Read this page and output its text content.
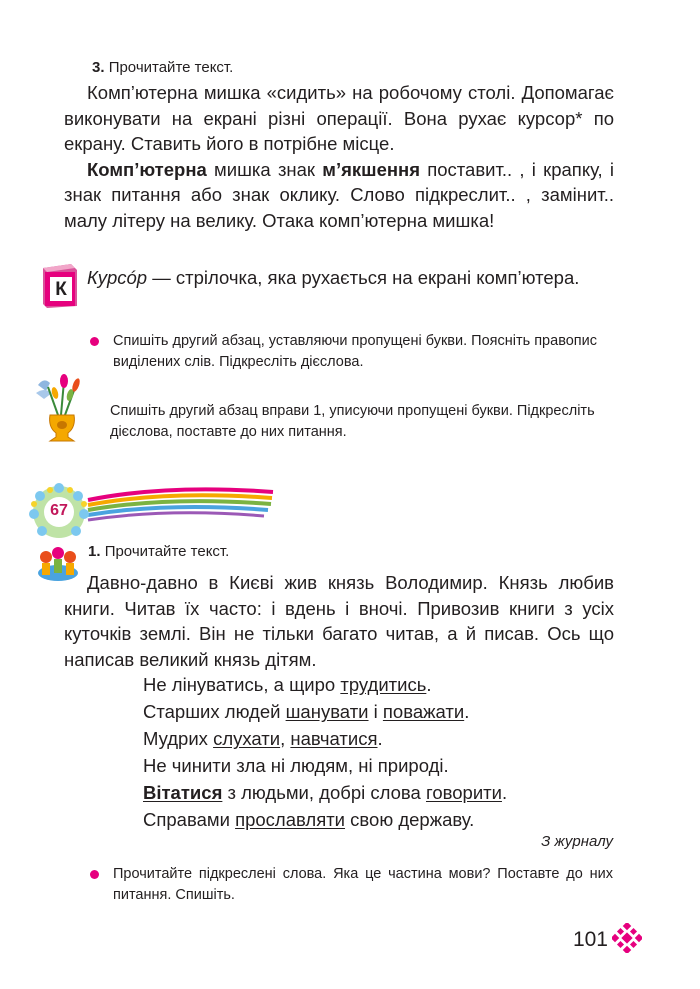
3. Прочитайте текст.

Комп’ютерна мишка «сидить» на робочому столі. Допомагає виконувати на екрані різні операції. Вона рухає курсор* по екрану. Ставить його в потрібне місце.

Комп’ютерна мишка знак м’якшення поставит.. , і крапку, і знак питання або знак оклику. Слово підкреслит.. , замінит.. малу літеру на велику. Отака комп’ютерна мишка!

К
Курсóр — стрілочка, яка рухається на екрані комп’ютера.
Спишіть другий абзац, уставляючи пропущені букви. Поясніть правопис виділених слів. Підкресліть дієслова.
Спишіть другий абзац вправи 1, уписуючи пропущені букви. Підкресліть дієслова, поставте до них питання.
67
1. Прочитайте текст.

Давно-давно в Києві жив князь Володимир. Князь любив книги. Читав їх часто: і вдень і вночі. Привозив книги з усіх куточків землі. Він не тільки багато читав, а й писав. Ось що написав великий князь дітям.

Не лінуватись, а щиро трудитись.
Старших людей шанувати і поважати.
Мудрих слухати, навчатися.
Не чинити зла ні людям, ні природі.
Вітатися з людьми, добрі слова говорити.
Справами прославляти свою державу.
З журналу
Прочитайте підкреслені слова. Яка це частина мови? Поставте до них питання. Спишіть.
101
